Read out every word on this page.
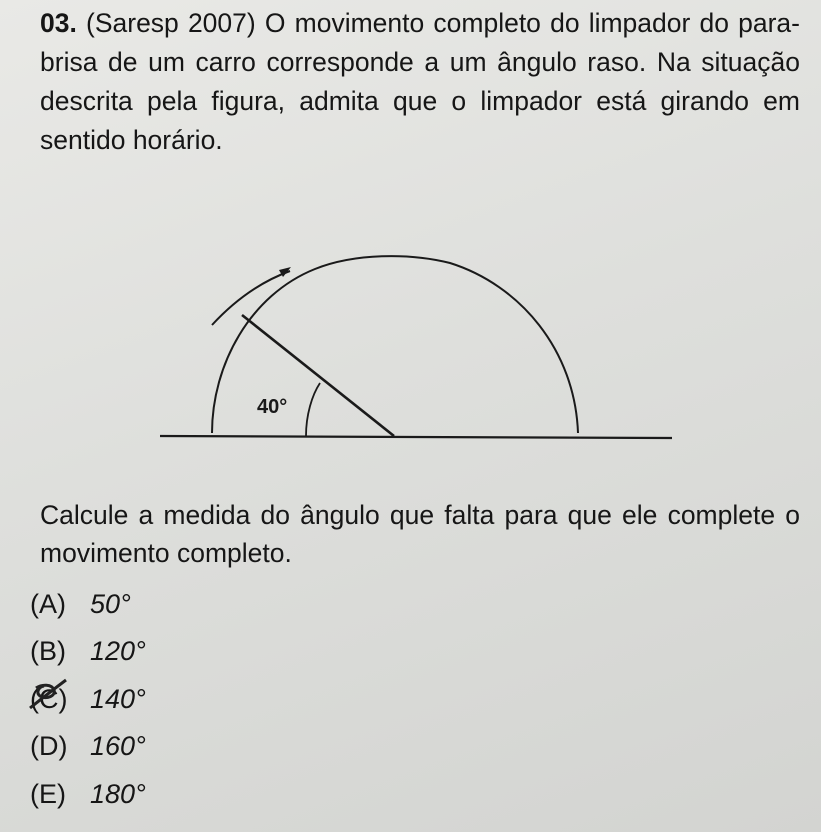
03. (Saresp 2007) O movimento completo do limpador do para-brisa de um carro corresponde a um ângulo raso. Na situação descrita pela figura, admita que o limpador está girando em sentido horário.

40°

Calcule a medida do ângulo que falta para que ele complete o movimento completo.

(A) 50°
(B) 120°
(C) 140°
(D) 160°
(E) 180°
